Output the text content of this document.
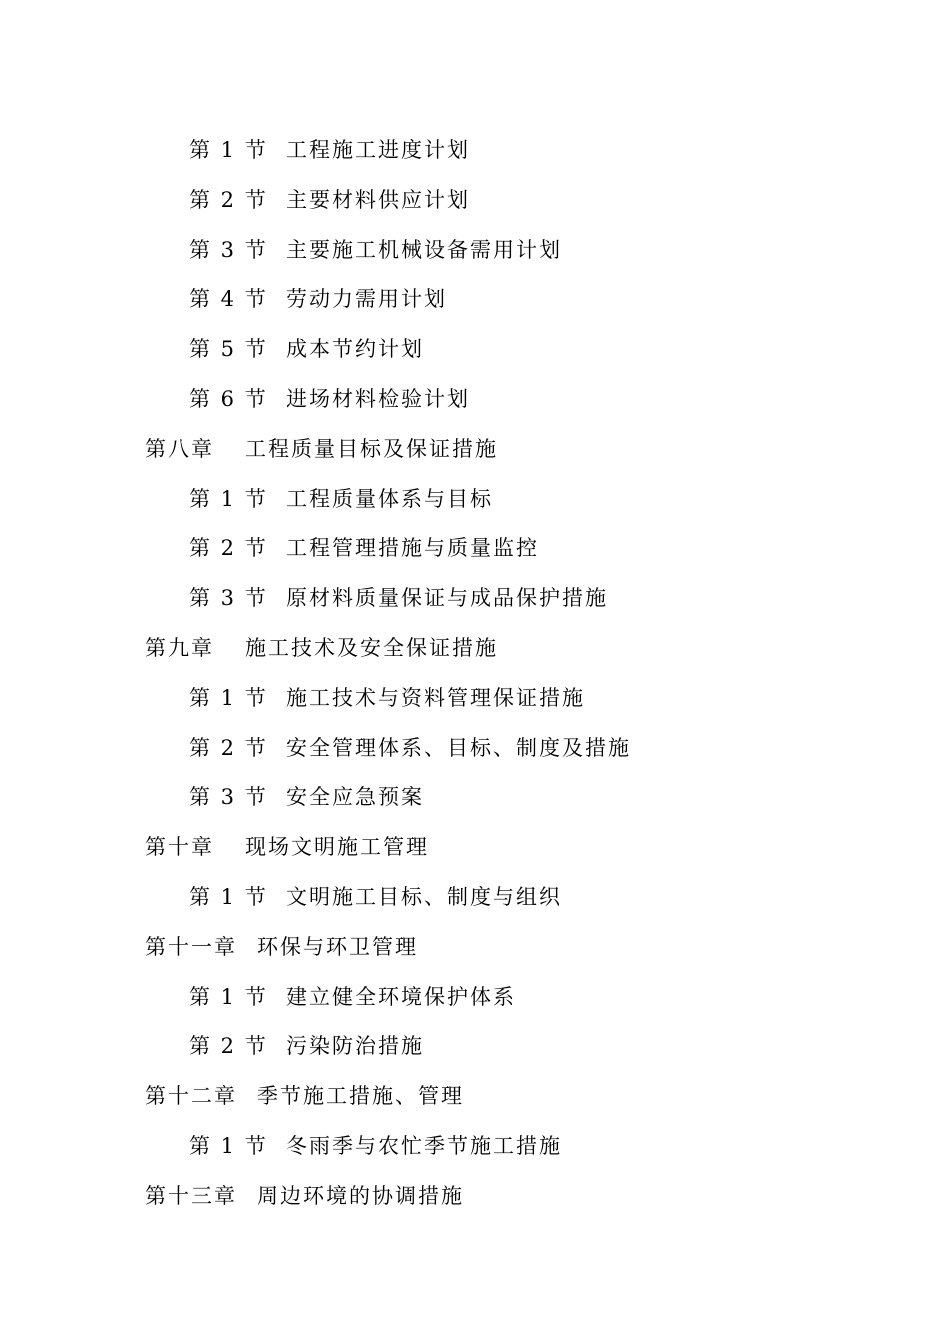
第 1 节 工程施工进度计划
第 2 节 主要材料供应计划
第 3 节 主要施工机械设备需用计划
第 4 节 劳动力需用计划
第 5 节 成本节约计划
第 6 节 进场材料检验计划
第八章 工程质量目标及保证措施
第 1 节 工程质量体系与目标
第 2 节 工程管理措施与质量监控
第 3 节 原材料质量保证与成品保护措施
第九章 施工技术及安全保证措施
第 1 节 施工技术与资料管理保证措施
第 2 节 安全管理体系、目标、制度及措施
第 3 节 安全应急预案
第十章 现场文明施工管理
第 1 节 文明施工目标、制度与组织
第十一章 环保与环卫管理
第 1 节 建立健全环境保护体系
第 2 节 污染防治措施
第十二章 季节施工措施、管理
第 1 节 冬雨季与农忙季节施工措施
第十三章 周边环境的协调措施
